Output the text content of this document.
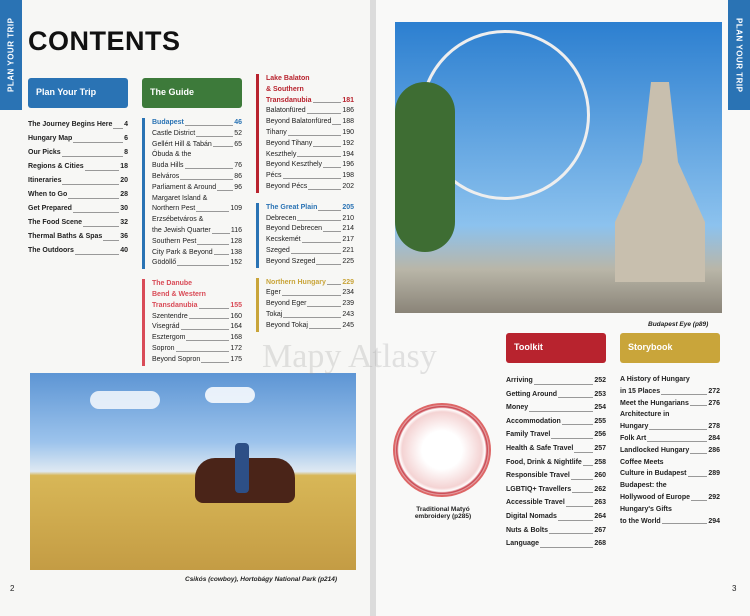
PLAN YOUR TRIP CONTENTS
Plan Your Trip	The Guide
The Journey Begins Here 4
Hungary Map	6
Our Picks	8
Regions & Cities	18
Itineraries	20
When to Go	28
Get Prepared	30
The Food Scene	32
Thermal Baths & Spas	36
The Outdoors	40
Budapest	46
Castle District	52
Gellért Hill & Tabán	65
Óbuda & the
Buda Hills	76
Belváros	86
Parliament & Around	96
Margaret Island &
Northern Pest	109
Erzsébetváros &
the Jewish Quarter	116
Southern Pest	128
City Park & Beyond	138
Gödöllő	152
The Danube
Bend & Western
Transdanubia	155
Szentendre	160
Visegrád	164
Esztergom	168
Sopron	172
Beyond Sopron	175
Lake Balaton
& Southern
Transdanubia	181
Balatonfüred	186
Beyond Balatonfüred 188
Tihany	190
Beyond Tihany	192
Keszthely	194
Beyond Keszthely	196
Pécs	198
Beyond Pécs	202
The Great Plain	205
Debrecen	210
Beyond Debrecen	214
Kecskemét	217
Szeged	221
Beyond Szeged	225
Northern Hungary 229
Eger	234
Beyond Eger	239
Tokaj	243
Beyond Tokaj	245
Csikós (cowboy), Hortobágy National Park (p214)
2
PLAN YOUR TRIP
Budapest Eye (p89)
Traditional Matyó embroidery (p285)
Toolkit	Storybook
Arriving	252
Getting Around	253
Money	254
Accommodation	255
Family Travel	256
Health & Safe Travel	257
Food, Drink & Nightlife 258
Responsible Travel	260
LGBTIQ+ Travellers	262
Accessible Travel	263
Digital Nomads	264
Nuts & Bolts	267
Language	268
A History of Hungary
in 15 Places	272
Meet the Hungarians	276
Architecture in
Hungary	278
Folk Art	284
Landlocked Hungary	286
Coffee Meets
Culture in Budapest	289
Budapest: the
Hollywood of Europe	292
Hungary's Gifts
to the World	294
3
Mapy Atlasy
